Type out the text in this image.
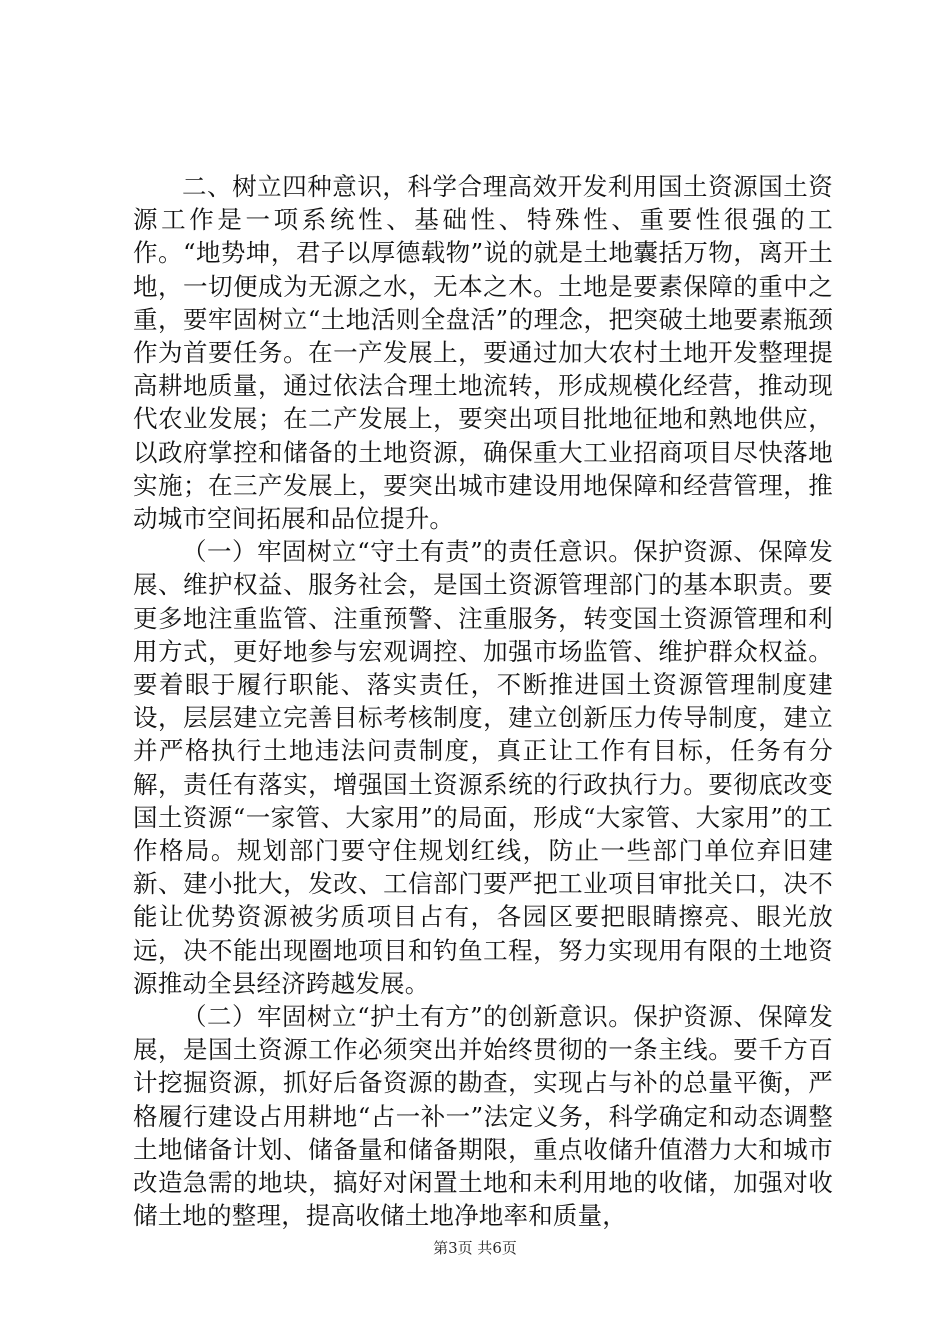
二、树立四种意识，科学合理高效开发利用国土资源国土资源工作是一项系统性、基础性、特殊性、重要性很强的工作。“地势坤，君子以厚德载物”说的就是土地囊括万物，离开土地，一切便成为无源之水，无本之木。土地是要素保障的重中之重，要牢固树立“土地活则全盘活”的理念，把突破土地要素瓶颈作为首要任务。在一产发展上，要通过加大农村土地开发整理提高耕地质量，通过依法合理土地流转，形成规模化经营，推动现代农业发展；在二产发展上，要突出项目批地征地和熟地供应，以政府掌控和储备的土地资源，确保重大工业招商项目尽快落地实施；在三产发展上，要突出城市建设用地保障和经营管理，推动城市空间拓展和品位提升。

（一）牢固树立“守土有责”的责任意识。保护资源、保障发展、维护权益、服务社会，是国土资源管理部门的基本职责。要更多地注重监管、注重预警、注重服务，转变国土资源管理和利用方式，更好地参与宏观调控、加强市场监管、维护群众权益。要着眼于履行职能、落实责任，不断推进国土资源管理制度建设，层层建立完善目标考核制度，建立创新压力传导制度，建立并严格执行土地违法问责制度，真正让工作有目标，任务有分解，责任有落实，增强国土资源系统的行政执行力。要彻底改变国土资源“一家管、大家用”的局面，形成“大家管、大家用”的工作格局。规划部门要守住规划红线，防止一些部门单位弃旧建新、建小批大，发改、工信部门要严把工业项目审批关口，决不能让优势资源被劣质项目占有，各园区要把眼睛擦亮、眼光放远，决不能出现圈地项目和钓鱼工程，努力实现用有限的土地资源推动全县经济跨越发展。

（二）牢固树立“护土有方”的创新意识。保护资源、保障发展，是国土资源工作必须突出并始终贯彻的一条主线。要千方百计挖掘资源，抓好后备资源的勘查，实现占与补的总量平衡，严格履行建设占用耕地“占一补一”法定义务，科学确定和动态调整土地储备计划、储备量和储备期限，重点收储升值潜力大和城市改造急需的地块，搞好对闲置土地和未利用地的收储，加强对收储土地的整理，提高收储土地净地率和质量，

第3页 共6页
